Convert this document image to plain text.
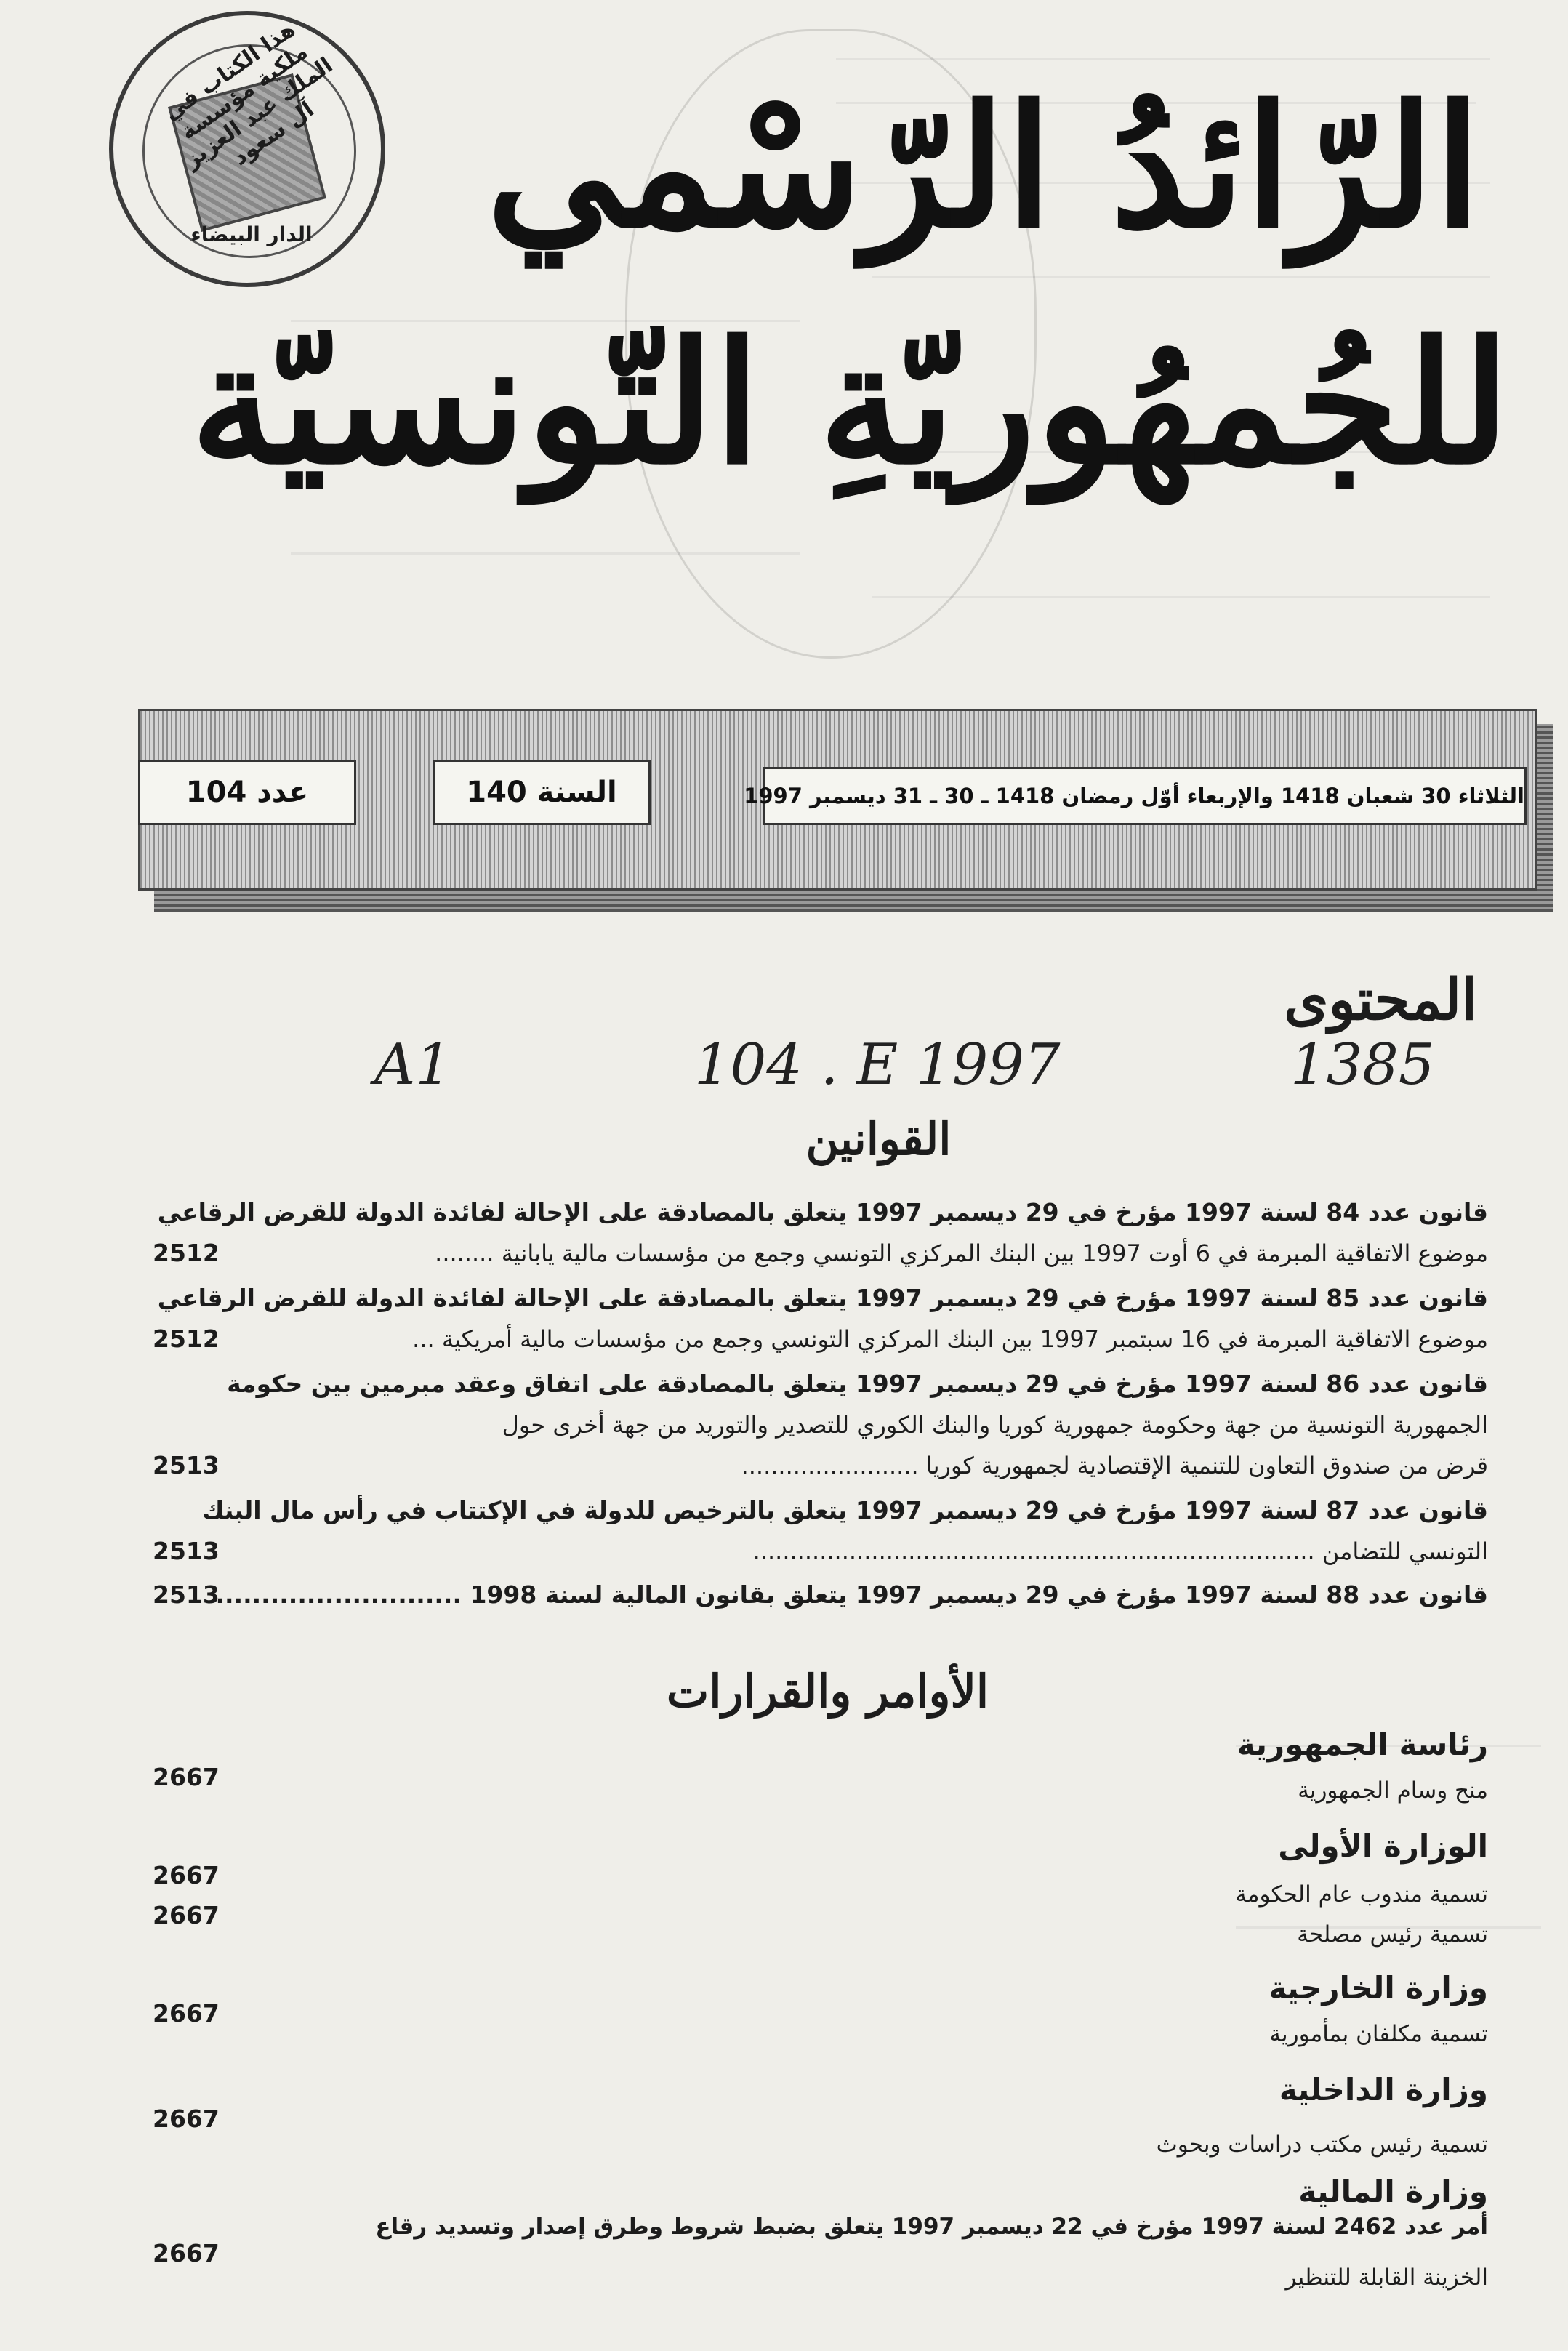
هذا الكتاب في ملكية مؤسسة الملك عبد العزيز آل سعود
الدار البيضاء الرّائدُ الرّسْمي
للجُمهُوريّةِ التّونسيّة
الثلاثاء 30 شعبان 1418 والإربعاء أوّل رمضان 1418 ـ 30 ـ 31 ديسمبر 1997
السنة 140
عدد 104
المحتوى
A1	104 . E 1997	1385
القوانين
قانون عدد 84 لسنة 1997 مؤرخ في 29 ديسمبر 1997 يتعلق بالمصادقة على الإحالة لفائدة الدولة للقرض الرقاعي
موضوع الاتفاقية المبرمة في 6 أوت 1997 بين البنك المركزي التونسي وجمع من مؤسسات مالية يابانية ........
2512
قانون عدد 85 لسنة 1997 مؤرخ في 29 ديسمبر 1997 يتعلق بالمصادقة على الإحالة لفائدة الدولة للقرض الرقاعي
موضوع الاتفاقية المبرمة في 16 سبتمبر 1997 بين البنك المركزي التونسي وجمع من مؤسسات مالية أمريكية ...
2512
قانون عدد 86 لسنة 1997 مؤرخ في 29 ديسمبر 1997 يتعلق بالمصادقة على اتفاق وعقد مبرمين بين حكومة
الجمهورية التونسية من جهة وحكومة جمهورية كوريا والبنك الكوري للتصدير والتوريد من جهة أخرى حول
قرض من صندوق التعاون للتنمية الإقتصادية لجمهورية كوريا ........................
2513
قانون عدد 87 لسنة 1997 مؤرخ في 29 ديسمبر 1997 يتعلق بالترخيص للدولة في الإكتتاب في رأس مال البنك
التونسي للتضامن ............................................................................
2513
قانون عدد 88 لسنة 1997 مؤرخ في 29 ديسمبر 1997 يتعلق بقانون المالية لسنة 1998 ...........................
2513
الأوامر والقرارات
رئاسة الجمهورية
منح وسام الجمهورية
2667
الوزارة الأولى
تسمية مندوب عام الحكومة
2667
تسمية رئيس مصلحة
2667
وزارة الخارجية
تسمية مكلفان بمأمورية
2667
وزارة الداخلية
تسمية رئيس مكتب دراسات وبحوث
2667
وزارة المالية
أمر عدد 2462 لسنة 1997 مؤرخ في 22 ديسمبر 1997 يتعلق بضبط شروط وطرق إصدار وتسديد رقاع
الخزينة القابلة للتنظير
2667
